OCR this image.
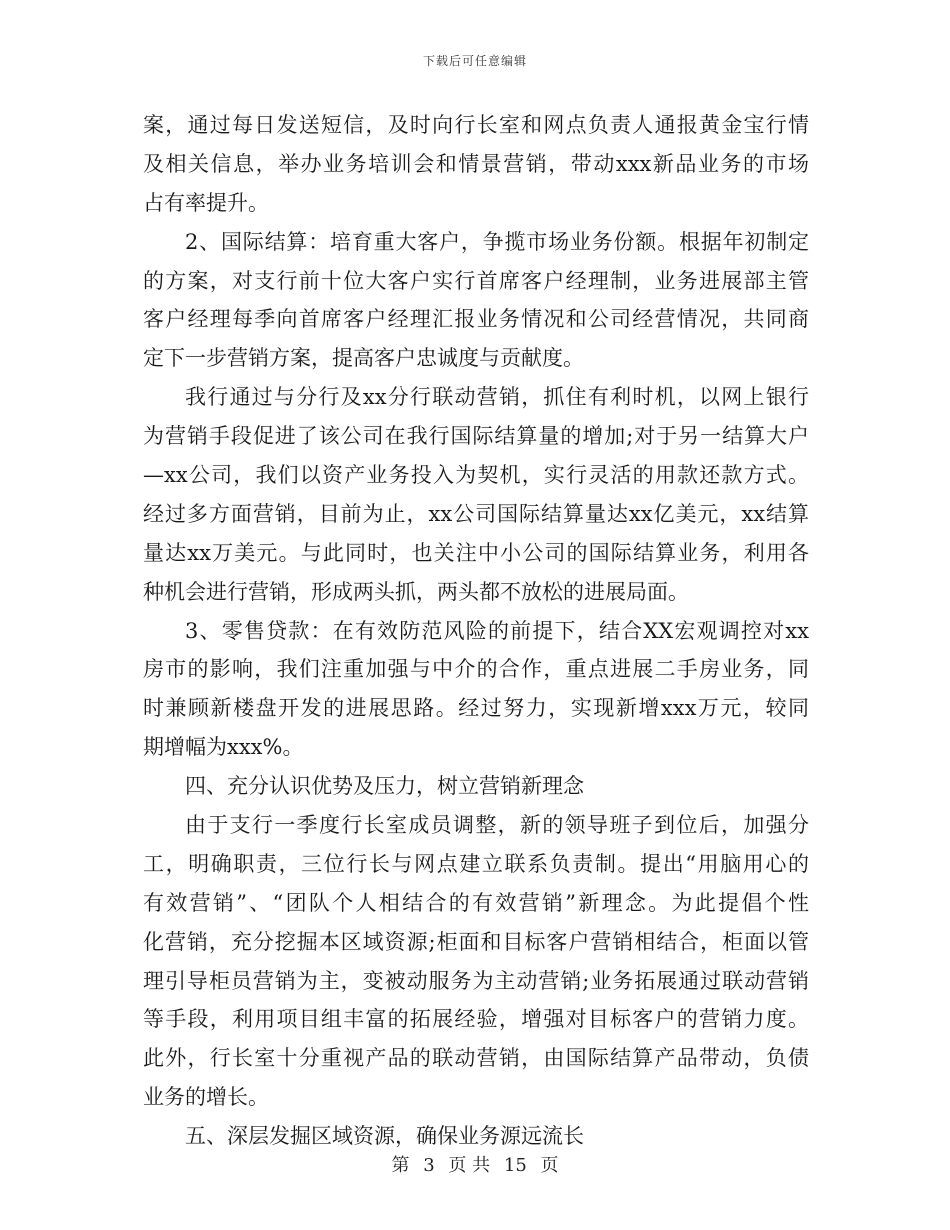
下载后可任意编辑
案，通过每日发送短信，及时向行长室和网点负责人通报黄金宝行情
及相关信息，举办业务培训会和情景营销，带动xxx新品业务的市场
占有率提升。
2、国际结算：培育重大客户，争揽市场业务份额。根据年初制定
的方案，对支行前十位大客户实行首席客户经理制，业务进展部主管
客户经理每季向首席客户经理汇报业务情况和公司经营情况，共同商
定下一步营销方案，提高客户忠诚度与贡献度。
我行通过与分行及xx分行联动营销，抓住有利时机，以网上银行
为营销手段促进了该公司在我行国际结算量的增加;对于另一结算大户
—xx公司，我们以资产业务投入为契机，实行灵活的用款还款方式。
经过多方面营销，目前为止，xx公司国际结算量达xx亿美元，xx结算
量达xx万美元。与此同时，也关注中小公司的国际结算业务，利用各
种机会进行营销，形成两头抓，两头都不放松的进展局面。
3、零售贷款：在有效防范风险的前提下，结合XX宏观调控对xx
房市的影响，我们注重加强与中介的合作，重点进展二手房业务，同
时兼顾新楼盘开发的进展思路。经过努力，实现新增xxx万元，较同
期增幅为xxx%。
四、充分认识优势及压力，树立营销新理念
由于支行一季度行长室成员调整，新的领导班子到位后，加强分
工，明确职责，三位行长与网点建立联系负责制。提出“用脑用心的
有效营销”、“团队个人相结合的有效营销”新理念。为此提倡个性
化营销，充分挖掘本区域资源;柜面和目标客户营销相结合，柜面以管
理引导柜员营销为主，变被动服务为主动营销;业务拓展通过联动营销
等手段，利用项目组丰富的拓展经验，增强对目标客户的营销力度。
此外，行长室十分重视产品的联动营销，由国际结算产品带动，负债
业务的增长。
五、深层发掘区域资源，确保业务源远流长
第 3 页 共 15 页
